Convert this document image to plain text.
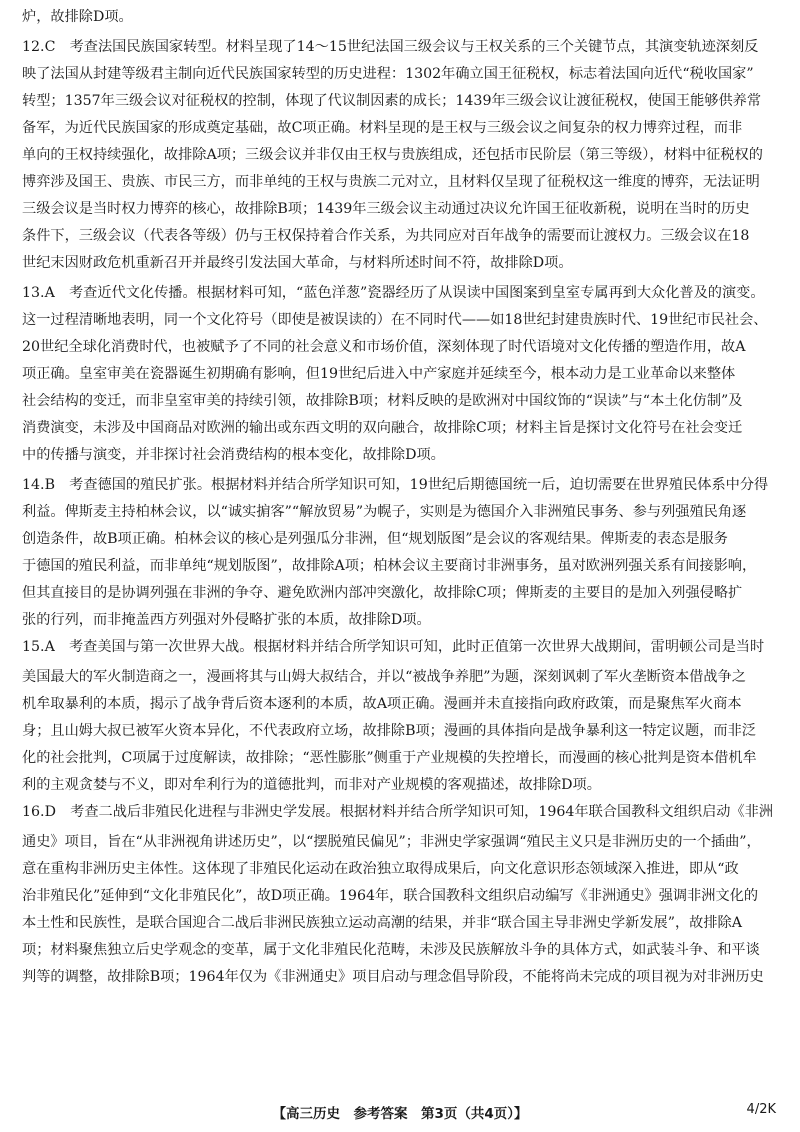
炉，故排除D项。
12.C　考查法国民族国家转型。材料呈现了14～15世纪法国三级会议与王权关系的三个关键节点，其演变轨迹深刻反
映了法国从封建等级君主制向近代民族国家转型的历史进程：1302年确立国王征税权，标志着法国向近代“税收国家”
转型；1357年三级会议对征税权的控制，体现了代议制因素的成长；1439年三级会议让渡征税权，使国王能够供养常
备军，为近代民族国家的形成奠定基础，故C项正确。材料呈现的是王权与三级会议之间复杂的权力博弈过程，而非
单向的王权持续强化，故排除A项；三级会议并非仅由王权与贵族组成，还包括市民阶层（第三等级），材料中征税权的
博弈涉及国王、贵族、市民三方，而非单纯的王权与贵族二元对立，且材料仅呈现了征税权这一维度的博弈，无法证明
三级会议是当时权力博弈的核心，故排除B项；1439年三级会议主动通过决议允许国王征收新税，说明在当时的历史
条件下，三级会议（代表各等级）仍与王权保持着合作关系，为共同应对百年战争的需要而让渡权力。三级会议在18
世纪末因财政危机重新召开并最终引发法国大革命，与材料所述时间不符，故排除D项。
13.A　考查近代文化传播。根据材料可知，“蓝色洋葱”瓷器经历了从误读中国图案到皇室专属再到大众化普及的演变。
这一过程清晰地表明，同一个文化符号（即使是被误读的）在不同时代——如18世纪封建贵族时代、19世纪市民社会、
20世纪全球化消费时代，也被赋予了不同的社会意义和市场价值，深刻体现了时代语境对文化传播的塑造作用，故A
项正确。皇室审美在瓷器诞生初期确有影响，但19世纪后进入中产家庭并延续至今，根本动力是工业革命以来整体
社会结构的变迁，而非皇室审美的持续引领，故排除B项；材料反映的是欧洲对中国纹饰的“误读”与“本土化仿制”及
消费演变，未涉及中国商品对欧洲的输出或东西文明的双向融合，故排除C项；材料主旨是探讨文化符号在社会变迁
中的传播与演变，并非探讨社会消费结构的根本变化，故排除D项。
14.B　考查德国的殖民扩张。根据材料并结合所学知识可知，19世纪后期德国统一后，迫切需要在世界殖民体系中分得
利益。俾斯麦主持柏林会议，以“诚实掮客”“解放贸易”为幌子，实则是为德国介入非洲殖民事务、参与列强殖民角逐
创造条件，故B项正确。柏林会议的核心是列强瓜分非洲，但“规划版图”是会议的客观结果。俾斯麦的表态是服务
于德国的殖民利益，而非单纯“规划版图”，故排除A项；柏林会议主要商讨非洲事务，虽对欧洲列强关系有间接影响，
但其直接目的是协调列强在非洲的争夺、避免欧洲内部冲突激化，故排除C项；俾斯麦的主要目的是加入列强侵略扩
张的行列，而非掩盖西方列强对外侵略扩张的本质，故排除D项。
15.A　考查美国与第一次世界大战。根据材料并结合所学知识可知，此时正值第一次世界大战期间，雷明顿公司是当时
美国最大的军火制造商之一，漫画将其与山姆大叔结合，并以“被战争养肥”为题，深刻讽刺了军火垄断资本借战争之
机牟取暴利的本质，揭示了战争背后资本逐利的本质，故A项正确。漫画并未直接指向政府政策，而是聚焦军火商本
身；且山姆大叔已被军火资本异化，不代表政府立场，故排除B项；漫画的具体指向是战争暴利这一特定议题，而非泛
化的社会批判，C项属于过度解读，故排除；“恶性膨胀”侧重于产业规模的失控增长，而漫画的核心批判是资本借机牟
利的主观贪婪与不义，即对牟利行为的道德批判，而非对产业规模的客观描述，故排除D项。
16.D　考查二战后非殖民化进程与非洲史学发展。根据材料并结合所学知识可知，1964年联合国教科文组织启动《非洲
通史》项目，旨在“从非洲视角讲述历史”，以“摆脱殖民偏见”；非洲史学家强调“殖民主义只是非洲历史的一个插曲”，
意在重构非洲历史主体性。这体现了非殖民化运动在政治独立取得成果后，向文化意识形态领域深入推进，即从“政
治非殖民化”延伸到“文化非殖民化”，故D项正确。1964年，联合国教科文组织启动编写《非洲通史》强调非洲文化的
本土性和民族性，是联合国迎合二战后非洲民族独立运动高潮的结果，并非“联合国主导非洲史学新发展”，故排除A
项；材料聚焦独立后史学观念的变革，属于文化非殖民化范畴，未涉及民族解放斗争的具体方式，如武装斗争、和平谈
判等的调整，故排除B项；1964年仅为《非洲通史》项目启动与理念倡导阶段，不能将尚未完成的项目视为对非洲历史
【高三历史　参考答案　第3页（共4页）】	4/2K
